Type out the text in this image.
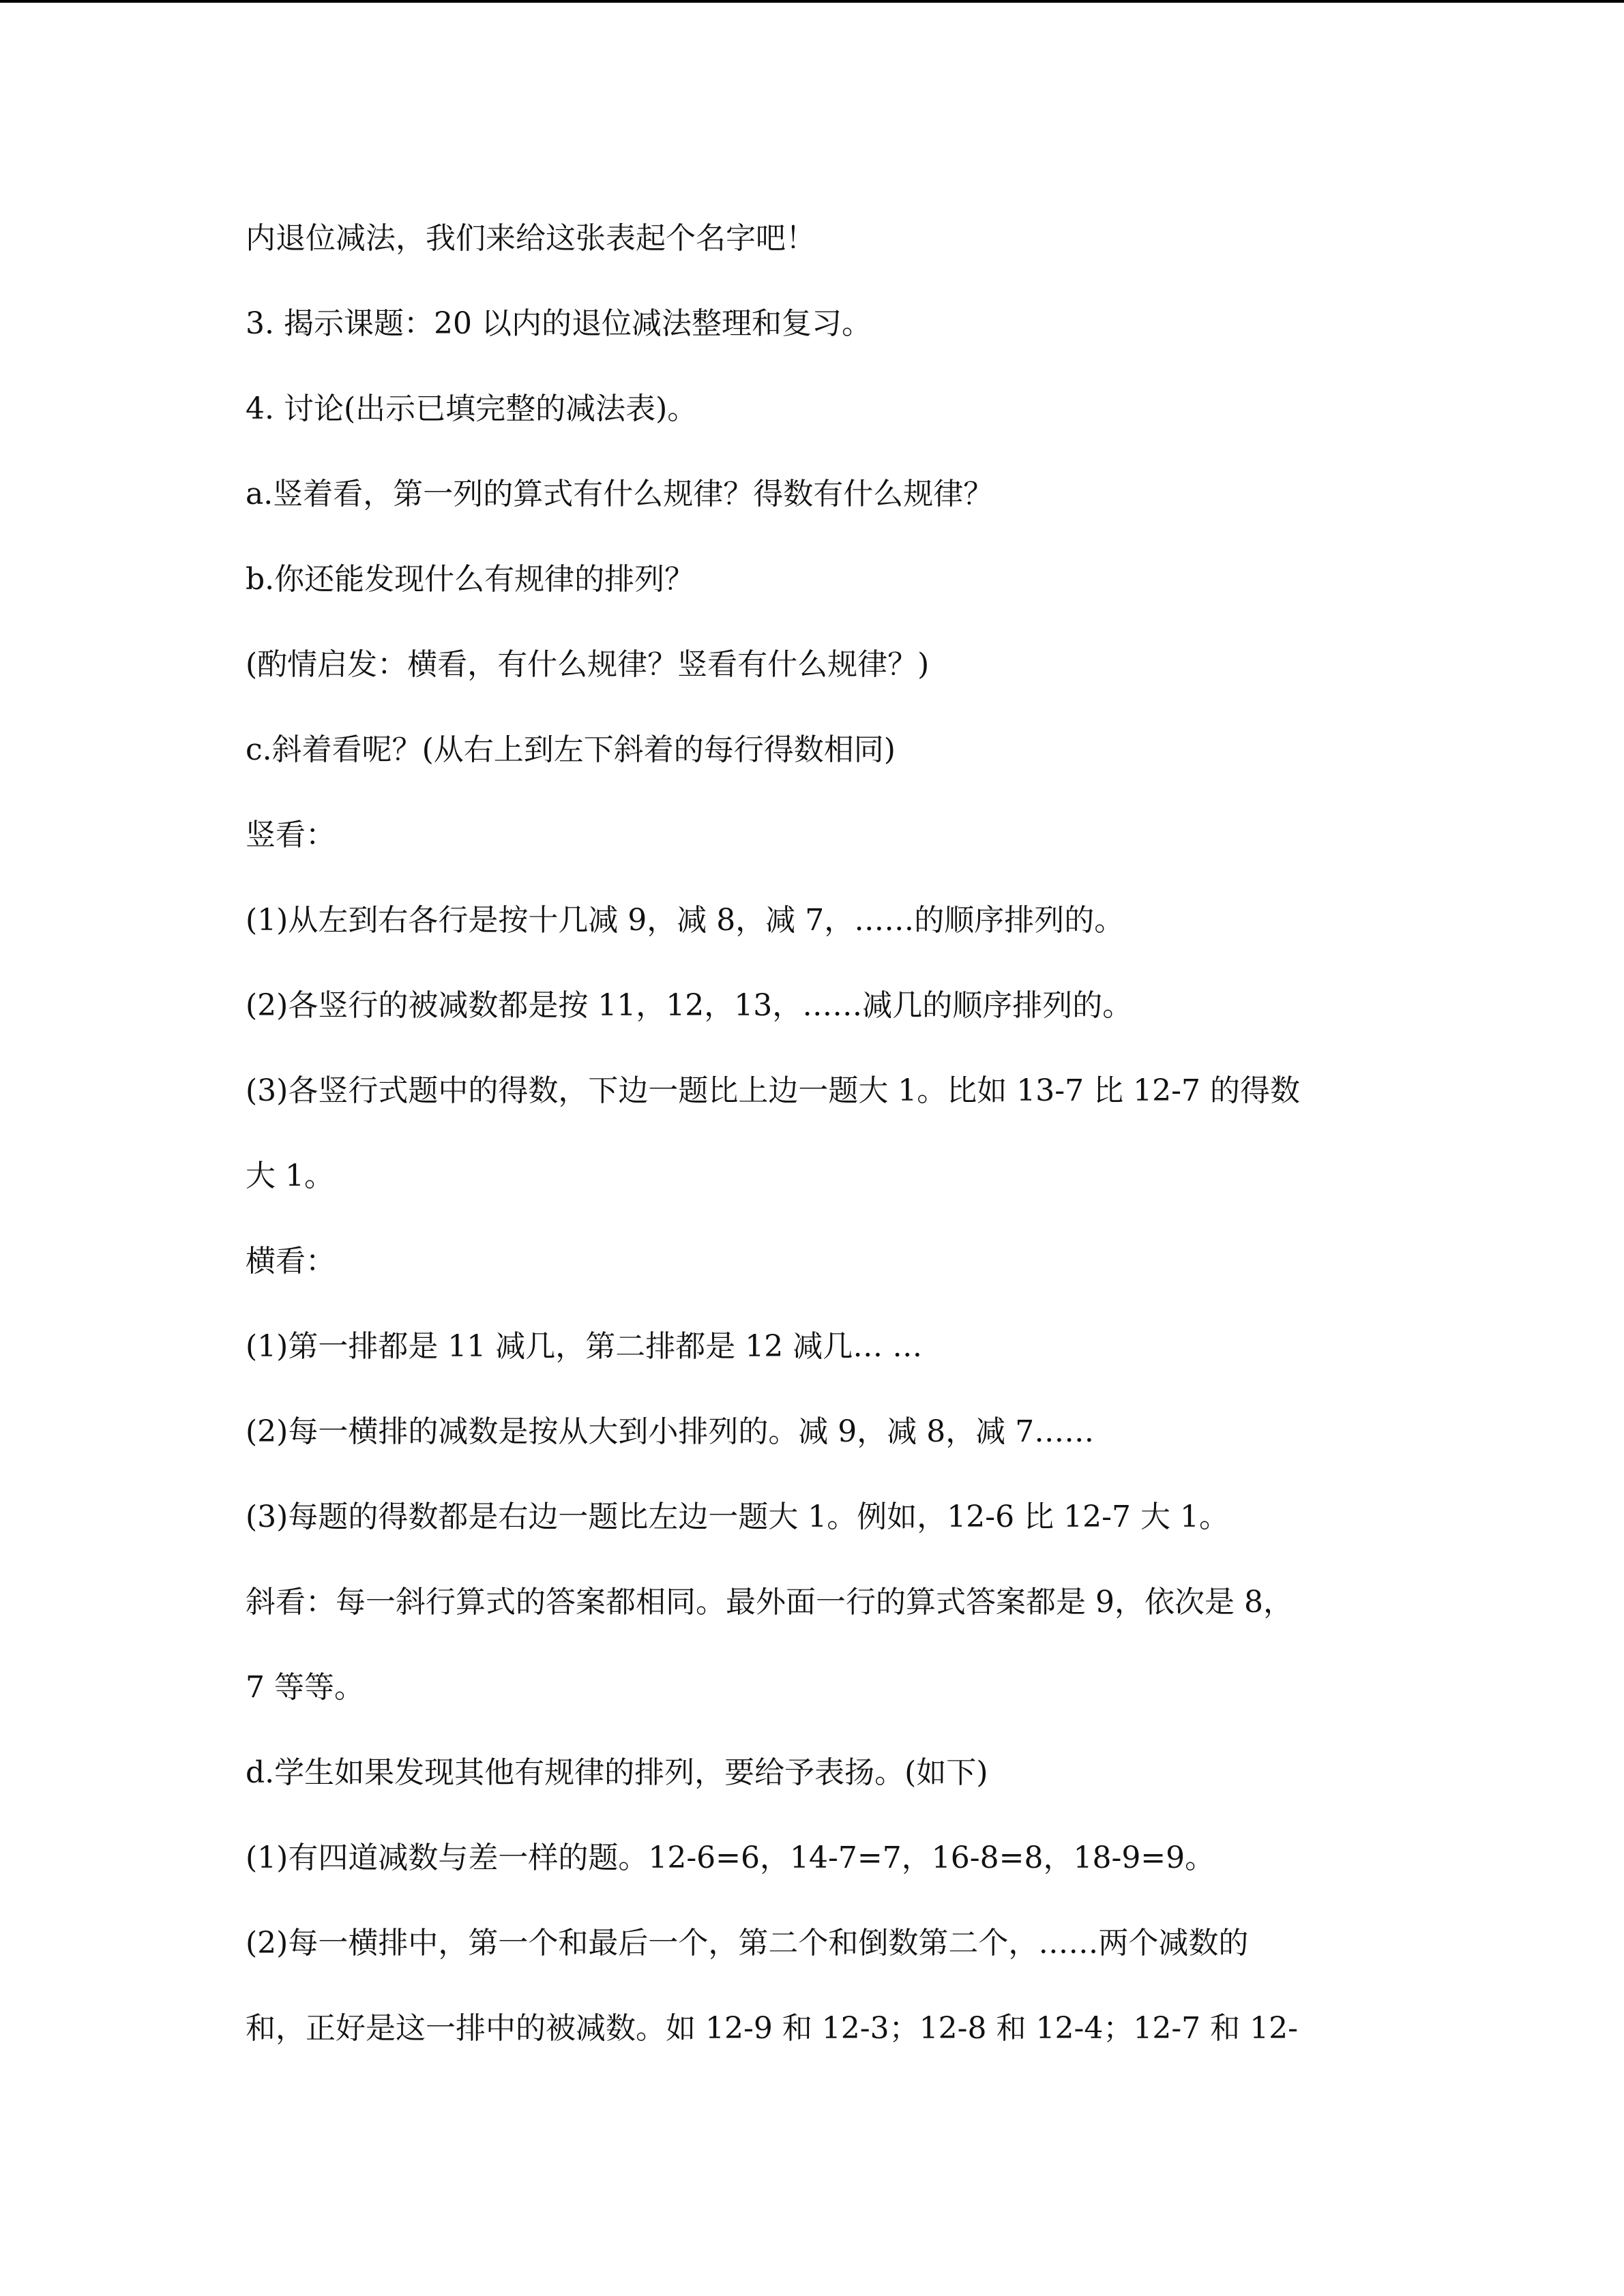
内退位减法，我们来给这张表起个名字吧！
3. 揭示课题：20 以内的退位减法整理和复习。
4. 讨论(出示已填完整的减法表)。
a.竖着看，第一列的算式有什么规律？得数有什么规律？
b.你还能发现什么有规律的排列？
(酌情启发：横看，有什么规律？竖看有什么规律？)
c.斜着看呢？(从右上到左下斜着的每行得数相同)
竖看：
(1)从左到右各行是按十几减 9，减 8，减 7，……的顺序排列的。
(2)各竖行的被减数都是按 11，12，13，……减几的顺序排列的。
(3)各竖行式题中的得数，下边一题比上边一题大 1。比如 13-7 比 12-7 的得数
大 1。
横看：
(1)第一排都是 11 减几，第二排都是 12 减几… …
(2)每一横排的减数是按从大到小排列的。减 9，减 8，减 7……
(3)每题的得数都是右边一题比左边一题大 1。例如，12-6 比 12-7 大 1。
斜看：每一斜行算式的答案都相同。最外面一行的算式答案都是 9，依次是 8，
7 等等。
d.学生如果发现其他有规律的排列，要给予表扬。(如下)
(1)有四道减数与差一样的题。12-6=6，14-7=7，16-8=8，18-9=9。
(2)每一横排中，第一个和最后一个，第二个和倒数第二个，……两个减数的
和，正好是这一排中的被减数。如 12-9 和 12-3；12-8 和 12-4；12-7 和 12-
